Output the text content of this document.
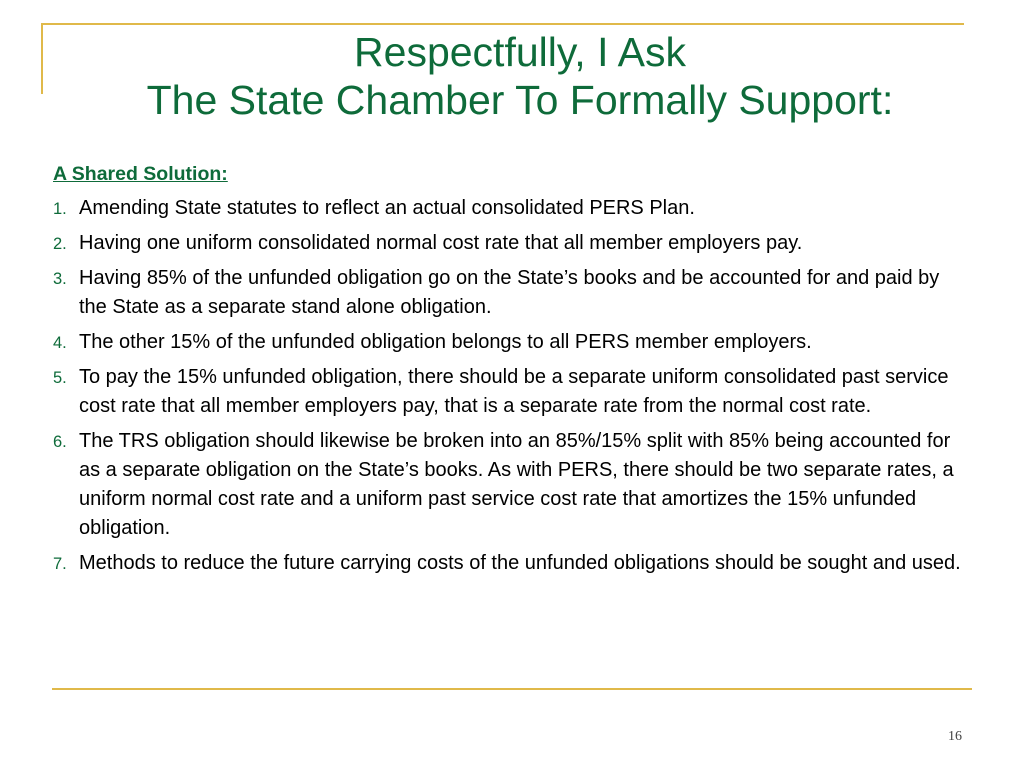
Respectfully, I Ask
The State Chamber To Formally Support:
A Shared Solution:
1. Amending State statutes to reflect an actual consolidated PERS Plan.
2. Having one uniform consolidated normal cost rate that all member employers pay.
3. Having 85% of the unfunded obligation go on the State’s books and be accounted for and paid by the State as a separate stand alone obligation.
4. The other 15% of the unfunded obligation belongs to all PERS member employers.
5. To pay the 15% unfunded obligation, there should be a separate uniform consolidated past service cost rate that all member employers pay, that is a separate rate from the normal cost rate.
6. The TRS obligation should likewise be broken into an 85%/15% split with 85% being accounted for as a separate obligation on the State’s books. As with PERS, there should be two separate rates, a uniform normal cost rate and a uniform past service cost rate that amortizes the 15% unfunded obligation.
7. Methods to reduce the future carrying costs of the unfunded obligations should be sought and used.
16
